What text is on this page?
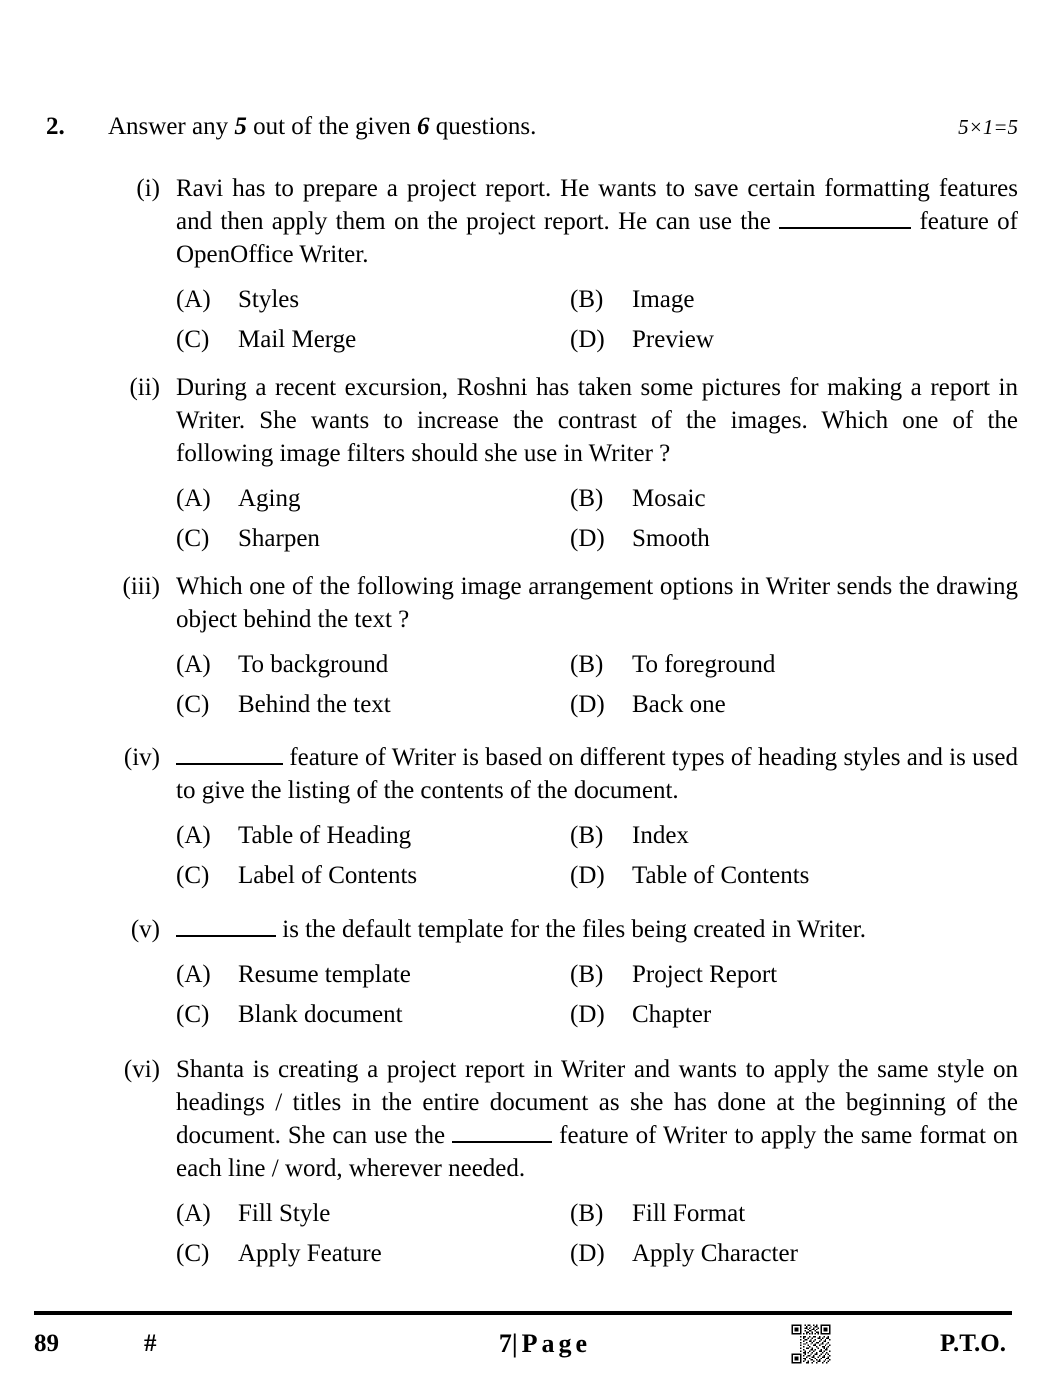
2.	Answer any 5 out of the given 6 questions.	5×1=5
(i) Ravi has to prepare a project report. He wants to save certain formatting features and then apply them on the project report. He can use the	feature of OpenOffice Writer.

(A)	Styles	(B)	Image
(C)	Mail Merge	(D)	Preview
(ii) During a recent excursion, Roshni has taken some pictures for making a report in Writer. She wants to increase the contrast of the images. Which one of the following image filters should she use in Writer ?

(A)	Aging	(B)	Mosaic
(C)	Sharpen	(D)	Smooth
(iii) Which one of the following image arrangement options in Writer sends the drawing object behind the text ?

(A)	To background	(B)	To foreground
(C)	Behind the text	(D)	Back one
(iv)	feature of Writer is based on different types of heading styles and is used to give the listing of the contents of the document.

(A)	Table of Heading	(B)	Index
(C)	Label of Contents	(D)	Table of Contents
(v)	is the default template for the files being created in Writer.

(A)	Resume template	(B)	Project Report
(C)	Blank document	(D)	Chapter
(vi) Shanta is creating a project report in Writer and wants to apply the same style on headings / titles in the entire document as she has done at the beginning of the document. She can use the	feature of Writer to apply the same format on each line / word, wherever needed.

(A)	Fill Style	(B)	Fill Format
(C)	Apply Feature	(D)	Apply Character
89	#	7| Page	P.T.O.
